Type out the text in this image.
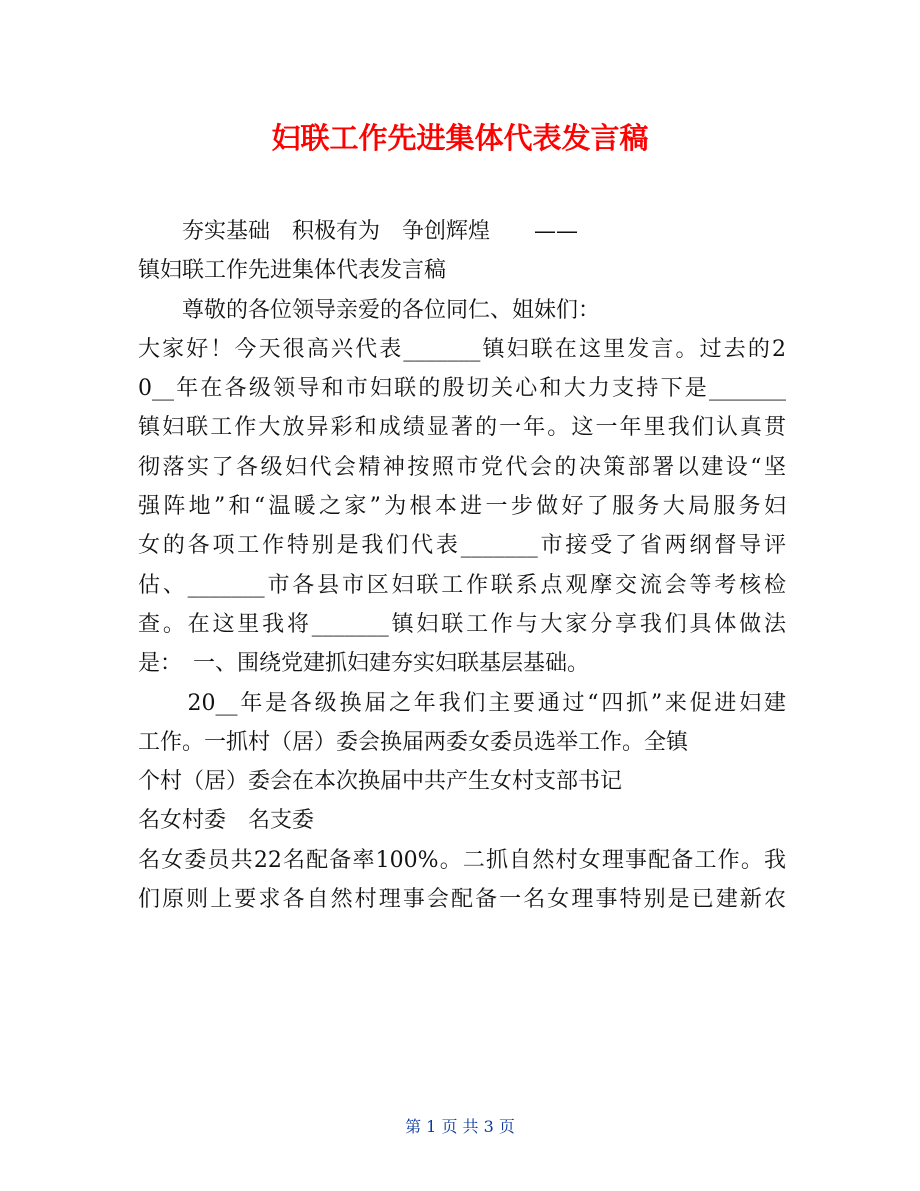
妇联工作先进集体代表发言稿
　　夯实基础　积极有为　争创辉煌　　——
镇妇联工作先进集体代表发言稿
　　尊敬的各位领导亲爱的各位同仁、姐妹们：
大家好！今天很高兴代表_______镇妇联在这里发言。过去的2
0__年在各级领导和市妇联的殷切关心和大力支持下是_______
镇妇联工作大放异彩和成绩显著的一年。这一年里我们认真贯
彻落实了各级妇代会精神按照市党代会的决策部署以建设“坚
强阵地”和“温暖之家”为根本进一步做好了服务大局服务妇
女的各项工作特别是我们代表_______市接受了省两纲督导评
估、_______市各县市区妇联工作联系点观摩交流会等考核检
查。在这里我将_______镇妇联工作与大家分享我们具体做法
是：　一、围绕党建抓妇建夯实妇联基层基础。
　　20__年是各级换届之年我们主要通过“四抓”来促进妇建
工作。一抓村（居）委会换届两委女委员选举工作。全镇
个村（居）委会在本次换届中共产生女村支部书记
名女村委　名支委
名女委员共22名配备率100%。二抓自然村女理事配备工作。我
们原则上要求各自然村理事会配备一名女理事特别是已建新农
第 1 页 共 3 页
